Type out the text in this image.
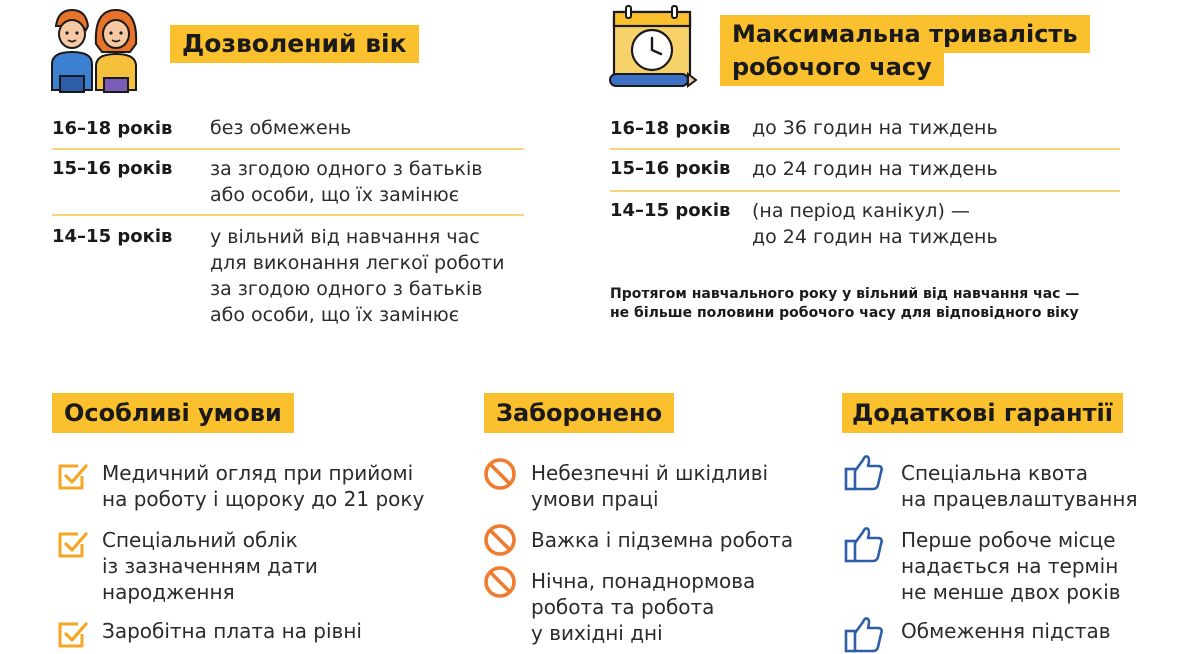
Дозволений вік
16–18 років без обмежень
15–16 років за згодою одного з батьків
або особи, що їх замінює
14–15 років у вільний від навчання час
для виконання легкої роботи
за згодою одного з батьків
або особи, що їх замінює
Максимальна тривалість
робочого часу
16–18 років до 36 годин на тиждень
15–16 років до 24 годин на тиждень
14–15 років (на період канікул) —
до 24 годин на тиждень
Протягом навчального року у вільний від навчання час —
не більше половини робочого часу для відповідного віку
Особливі умови	Заборонено	Додаткові гарантії
Медичний огляд при прийомі
на роботу і щороку до 21 року
Спеціальний облік
із зазначенням дати
народження
Заробітна плата на рівні
Небезпечні й шкідливі
умови праці
Важка і підземна робота
Нічна, понаднормова
робота та робота
у вихідні дні
Спеціальна квота
на працевлаштування
Перше робоче місце
надається на термін
не менше двох років
Обмеження підстав
